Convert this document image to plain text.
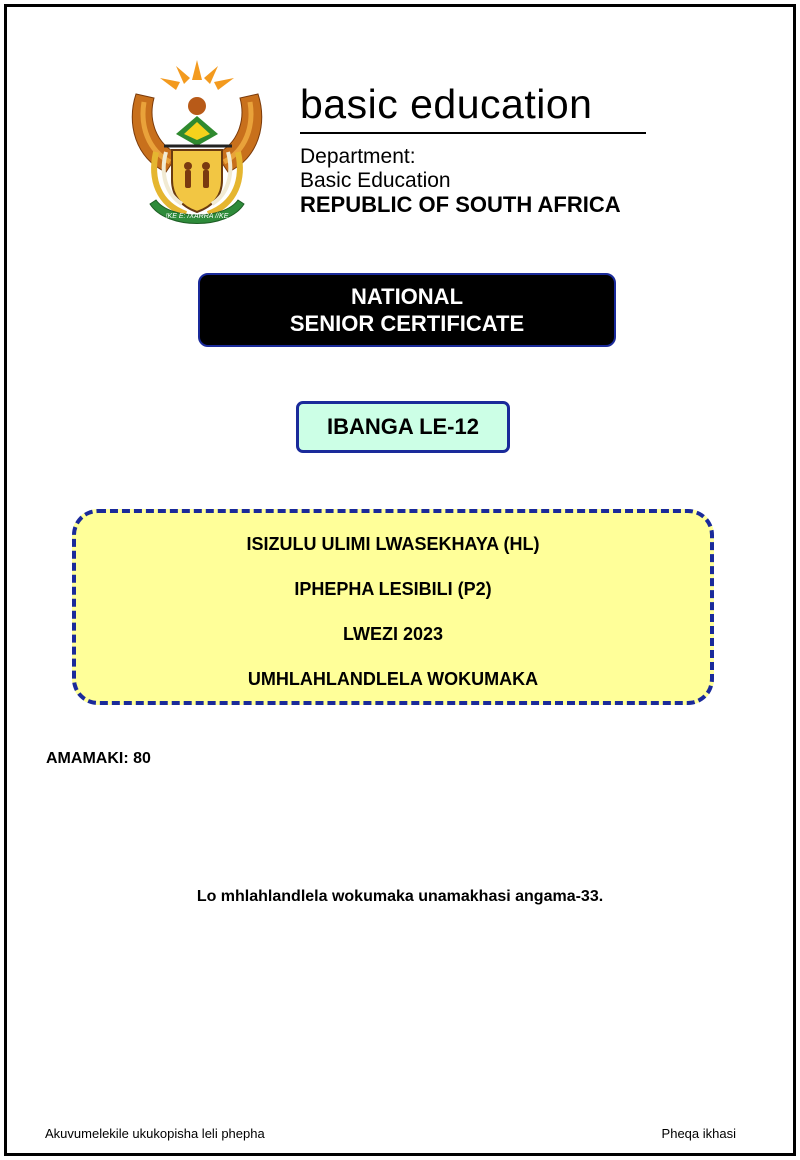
!KE E: /XARRA //KE
basic education
Department:
Basic Education
REPUBLIC OF SOUTH AFRICA
NATIONAL
SENIOR CERTIFICATE
IBANGA LE-12
ISIZULU ULIMI LWASEKHAYA (HL)
IPHEPHA LESIBILI (P2)
LWEZI 2023
UMHLAHLANDLELA WOKUMAKA
AMAMAKI: 80
Lo mhlahlandlela wokumaka unamakhasi angama-33.
Akuvumelekile ukukopisha leli phepha	Pheqa ikhasi
